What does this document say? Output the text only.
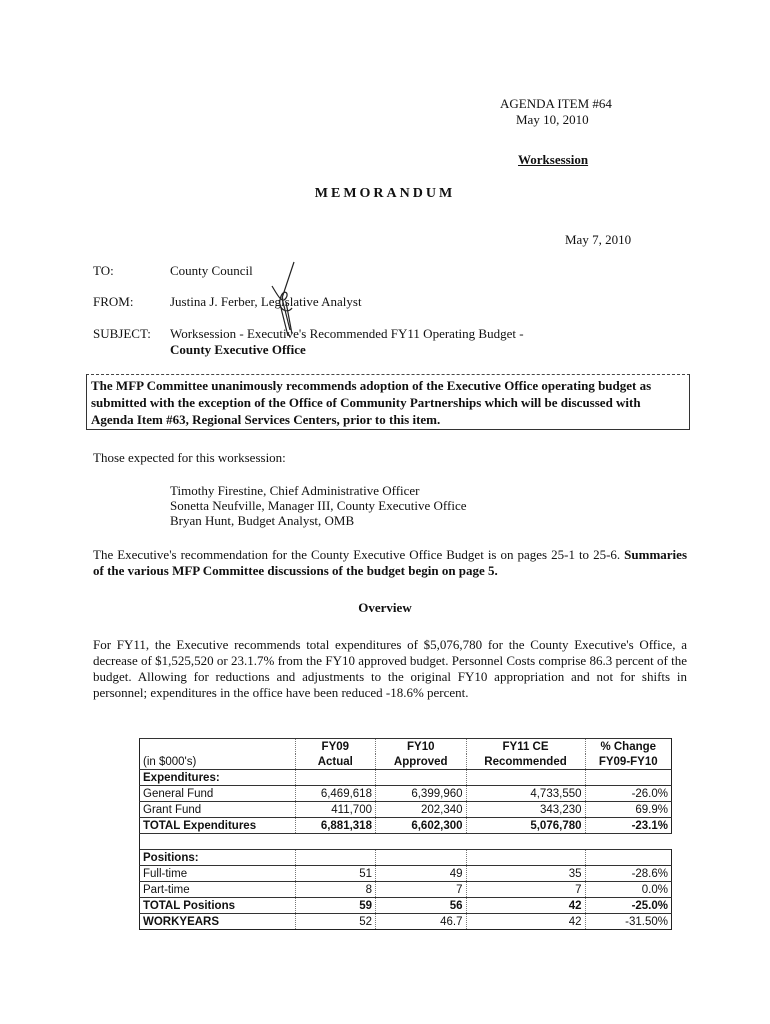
AGENDA ITEM #64
May 10, 2010
Worksession
MEMORANDUM
May 7, 2010
TO:	County Council
FROM:	Justina J. Ferber, Legislative Analyst
SUBJECT: Worksession - Executive's Recommended FY11 Operating Budget -
County Executive Office
The MFP Committee unanimously recommends adoption of the Executive Office operating budget as submitted with the exception of the Office of Community Partnerships which will be discussed with Agenda Item #63, Regional Services Centers, prior to this item.
Those expected for this worksession:
Timothy Firestine, Chief Administrative Officer
Sonetta Neufville, Manager III, County Executive Office
Bryan Hunt, Budget Analyst, OMB
The Executive's recommendation for the County Executive Office Budget is on pages 25-1 to 25-6. Summaries of the various MFP Committee discussions of the budget begin on page 5.
Overview
For FY11, the Executive recommends total expenditures of $5,076,780 for the County Executive's Office, a decrease of $1,525,520 or 23.1.7% from the FY10 approved budget. Personnel Costs comprise 86.3 percent of the budget. Allowing for reductions and adjustments to the original FY10 appropriation and not for shifts in personnel; expenditures in the office have been reduced -18.6% percent.
	FY09	FY10	FY11 CE	% Change
(in $000's)	Actual	Approved	Recommended	FY09-FY10
Expenditures:				
General Fund	6,469,618	6,399,960	4,733,550	-26.0%
Grant Fund	411,700	202,340	343,230	69.9%
TOTAL Expenditures	6,881,318	6,602,300	5,076,780	-23.1%

Positions:				
Full-time	51	49	35	-28.6%
Part-time	8	7	7	0.0%
TOTAL Positions	59	56	42	-25.0%
WORKYEARS	52	46.7	42	-31.50%
